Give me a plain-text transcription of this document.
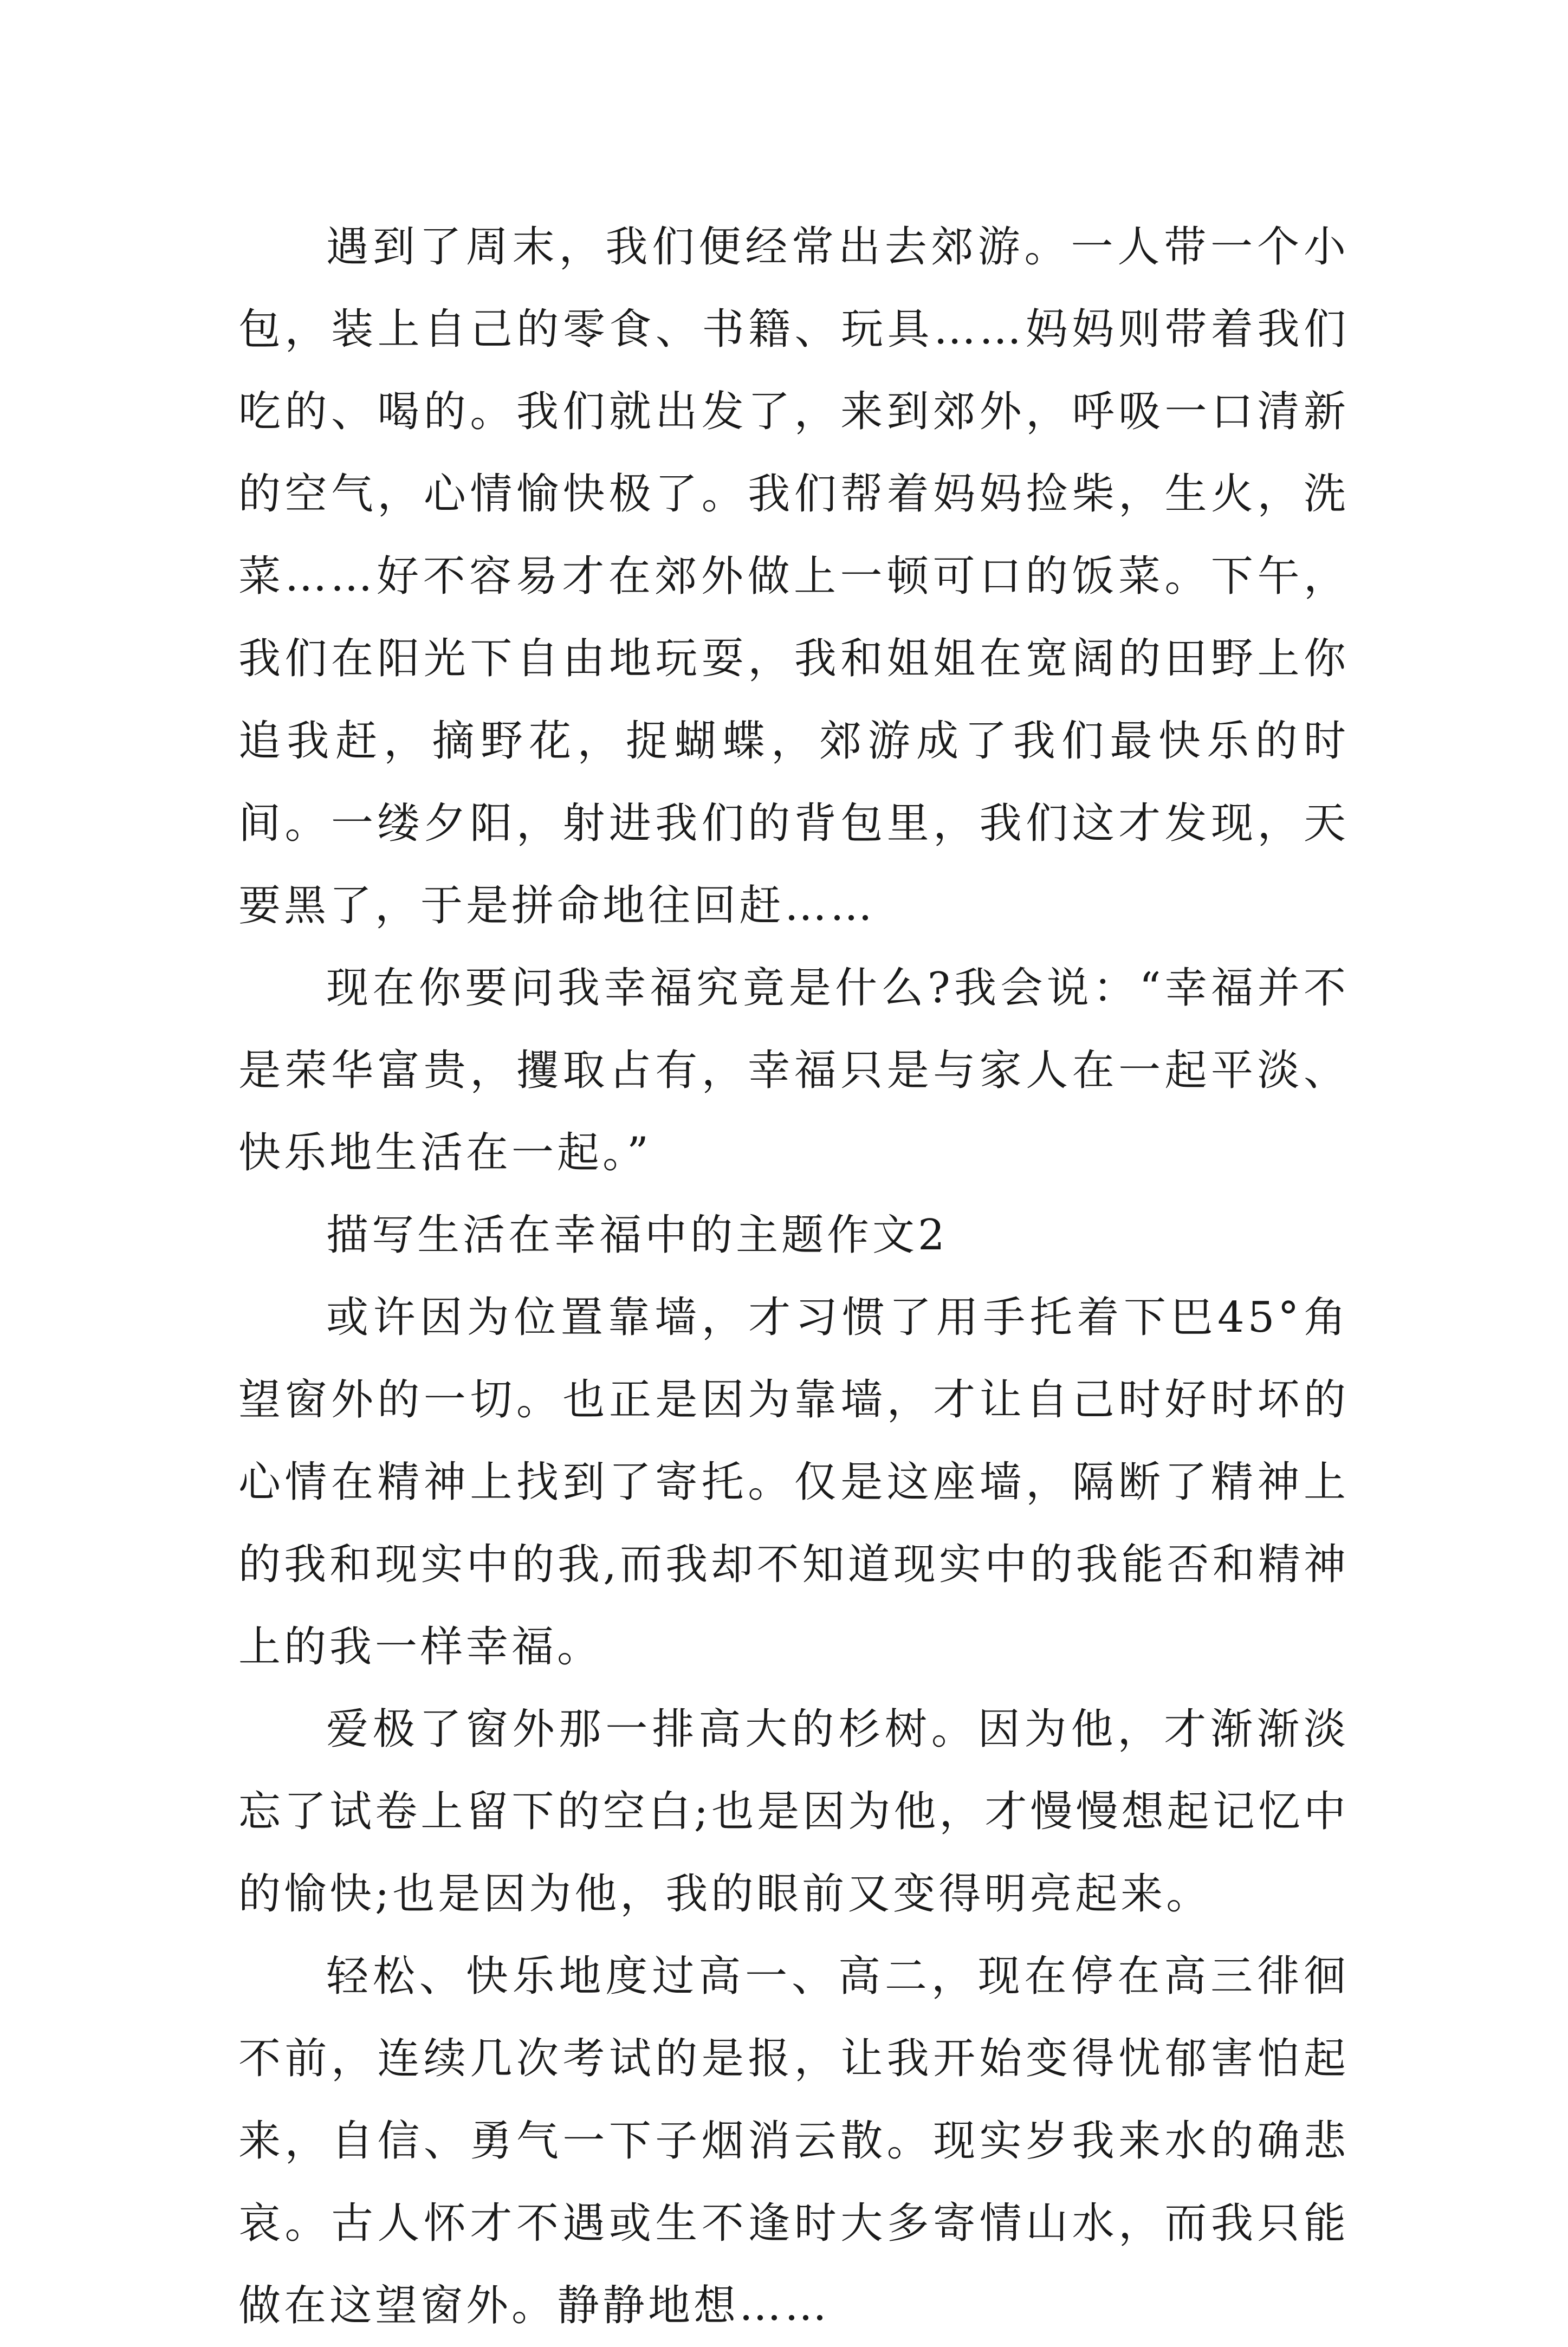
遇到了周末，我们便经常出去郊游。一人带一个小包，装上自己的零食、书籍、玩具……妈妈则带着我们吃的、喝的。我们就出发了，来到郊外，呼吸一口清新的空气，心情愉快极了。我们帮着妈妈捡柴，生火，洗菜……好不容易才在郊外做上一顿可口的饭菜。下午，我们在阳光下自由地玩耍，我和姐姐在宽阔的田野上你追我赶，摘野花，捉蝴蝶，郊游成了我们最快乐的时间。一缕夕阳，射进我们的背包里，我们这才发现，天要黑了，于是拼命地往回赶……

现在你要问我幸福究竟是什么?我会说：“幸福并不是荣华富贵，攫取占有，幸福只是与家人在一起平淡、快乐地生活在一起。”

描写生活在幸福中的主题作文2

或许因为位置靠墙，才习惯了用手托着下巴45°角望窗外的一切。也正是因为靠墙，才让自己时好时坏的心情在精神上找到了寄托。仅是这座墙，隔断了精神上的我和现实中的我,而我却不知道现实中的我能否和精神上的我一样幸福。

爱极了窗外那一排高大的杉树。因为他，才渐渐淡忘了试卷上留下的空白;也是因为他，才慢慢想起记忆中的愉快;也是因为他，我的眼前又变得明亮起来。

轻松、快乐地度过高一、高二，现在停在高三徘徊不前，连续几次考试的是报，让我开始变得忧郁害怕起来，自信、勇气一下子烟消云散。现实岁我来水的确悲哀。古人怀才不遇或生不逢时大多寄情山水，而我只能做在这望窗外。静静地想……
